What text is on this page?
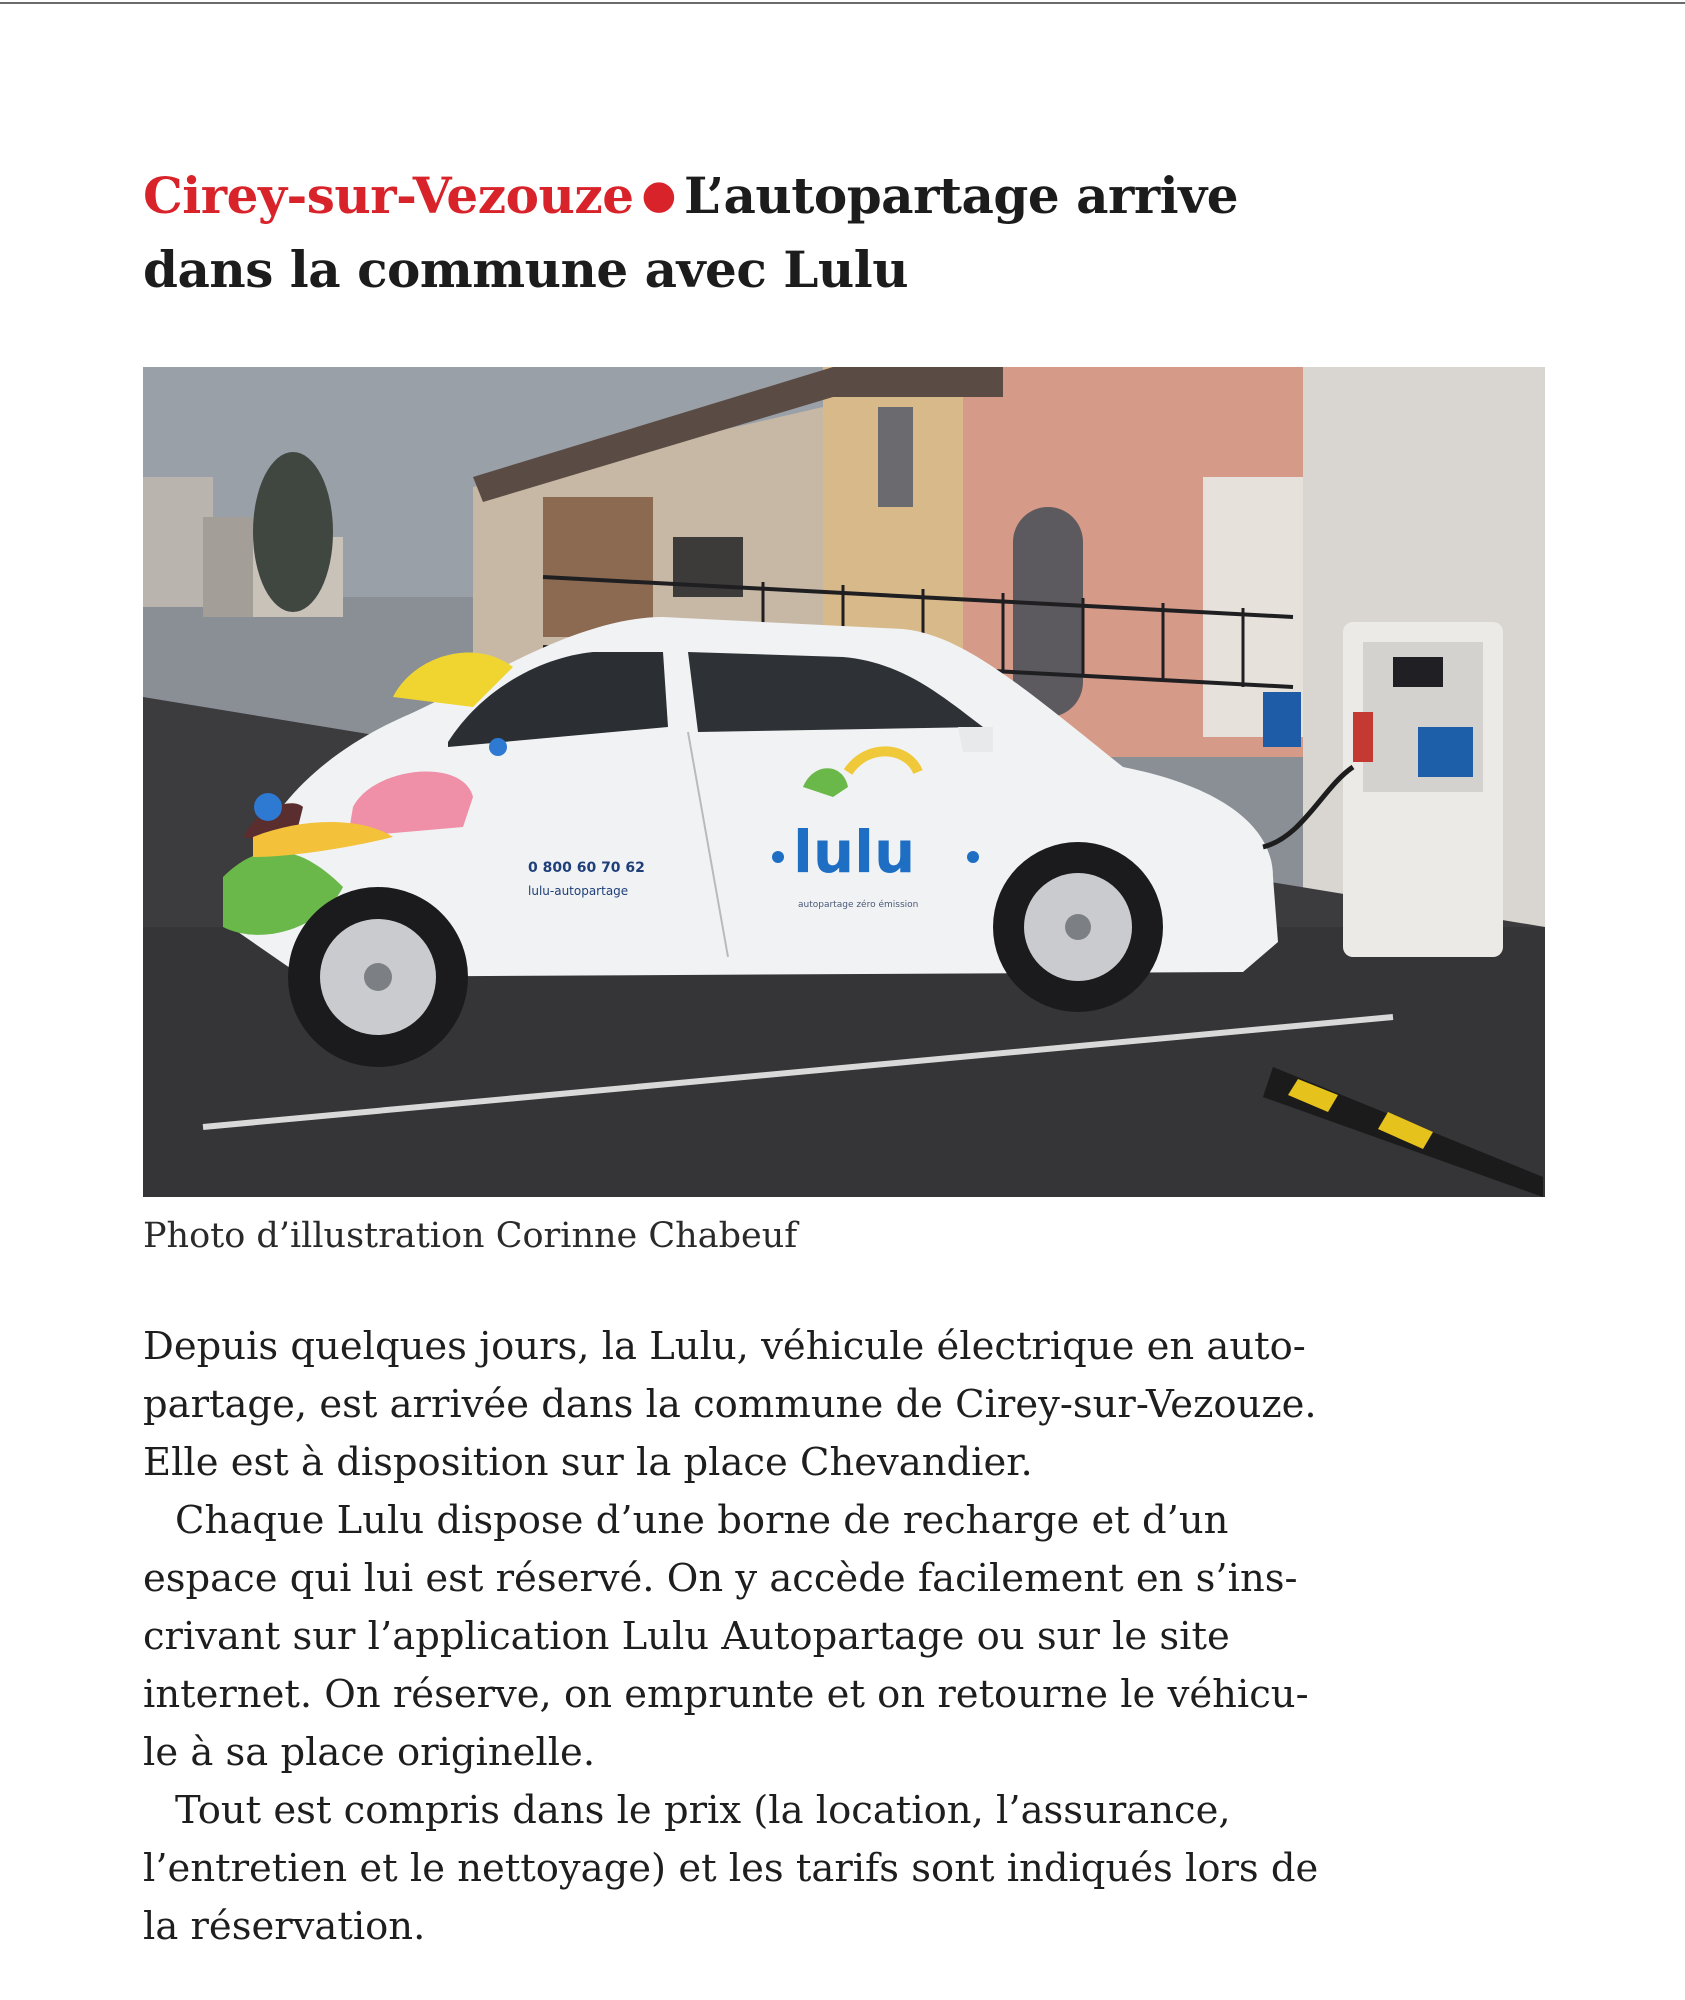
Cirey-sur-Vezouze ● L’autopartage arrive
dans la commune avec Lulu
lulu
autopartage zéro émission
0 800 60 70 62
lulu-autopartage
Photo d’illustration Corinne Chabeuf
Depuis quelques jours, la Lulu, véhicule électrique en auto-
partage, est arrivée dans la commune de Cirey-sur-Vezouze.
Elle est à disposition sur la place Chevandier.
Chaque Lulu dispose d’une borne de recharge et d’un
espace qui lui est réservé. On y accède facilement en s’ins-
crivant sur l’application Lulu Autopartage ou sur le site
internet. On réserve, on emprunte et on retourne le véhicu-
le à sa place originelle.
Tout est compris dans le prix (la location, l’assurance,
l’entretien et le nettoyage) et les tarifs sont indiqués lors de
la réservation.
